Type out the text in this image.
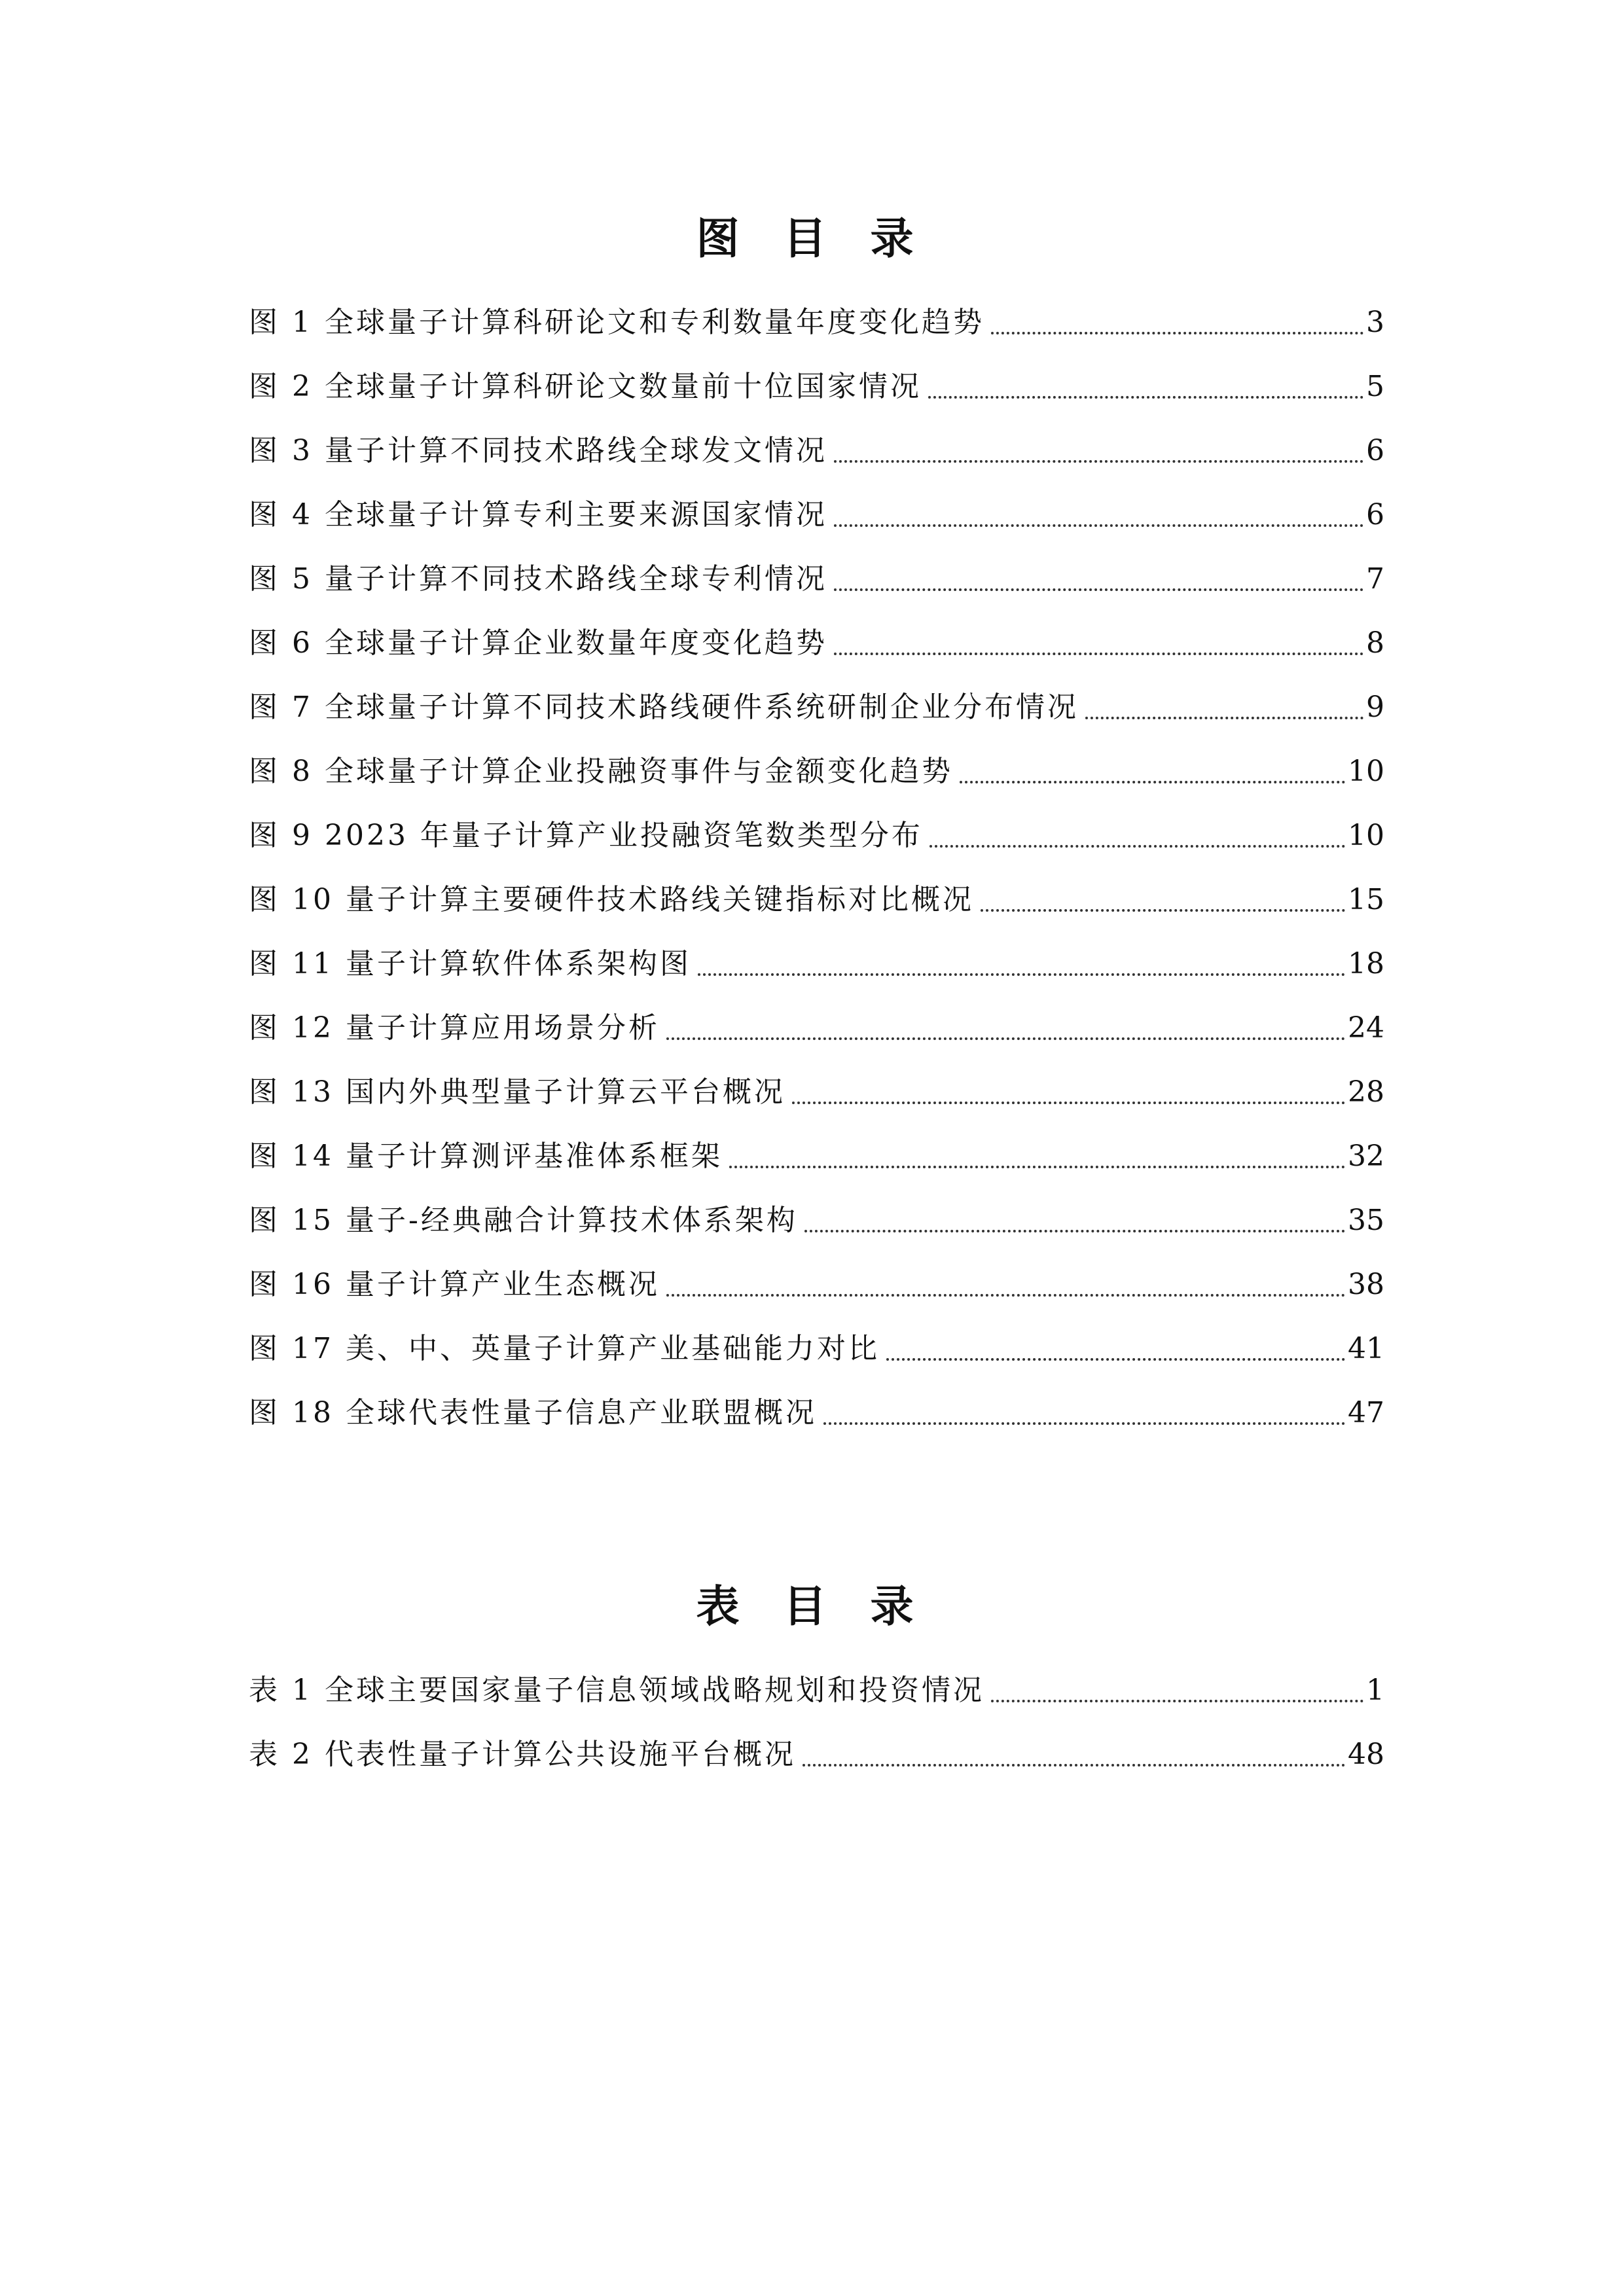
图 目 录
图 1 全球量子计算科研论文和专利数量年度变化趋势	3
图 2 全球量子计算科研论文数量前十位国家情况	5
图 3 量子计算不同技术路线全球发文情况	6
图 4 全球量子计算专利主要来源国家情况	6
图 5 量子计算不同技术路线全球专利情况	7
图 6 全球量子计算企业数量年度变化趋势	8
图 7 全球量子计算不同技术路线硬件系统研制企业分布情况	9
图 8 全球量子计算企业投融资事件与金额变化趋势	10
图 9 2023 年量子计算产业投融资笔数类型分布	10
图 10 量子计算主要硬件技术路线关键指标对比概况	15
图 11 量子计算软件体系架构图	18
图 12 量子计算应用场景分析	24
图 13 国内外典型量子计算云平台概况	28
图 14 量子计算测评基准体系框架	32
图 15 量子-经典融合计算技术体系架构	35
图 16 量子计算产业生态概况	38
图 17 美、中、英量子计算产业基础能力对比	41
图 18 全球代表性量子信息产业联盟概况	47
表 目 录
表 1 全球主要国家量子信息领域战略规划和投资情况	1
表 2 代表性量子计算公共设施平台概况	48
